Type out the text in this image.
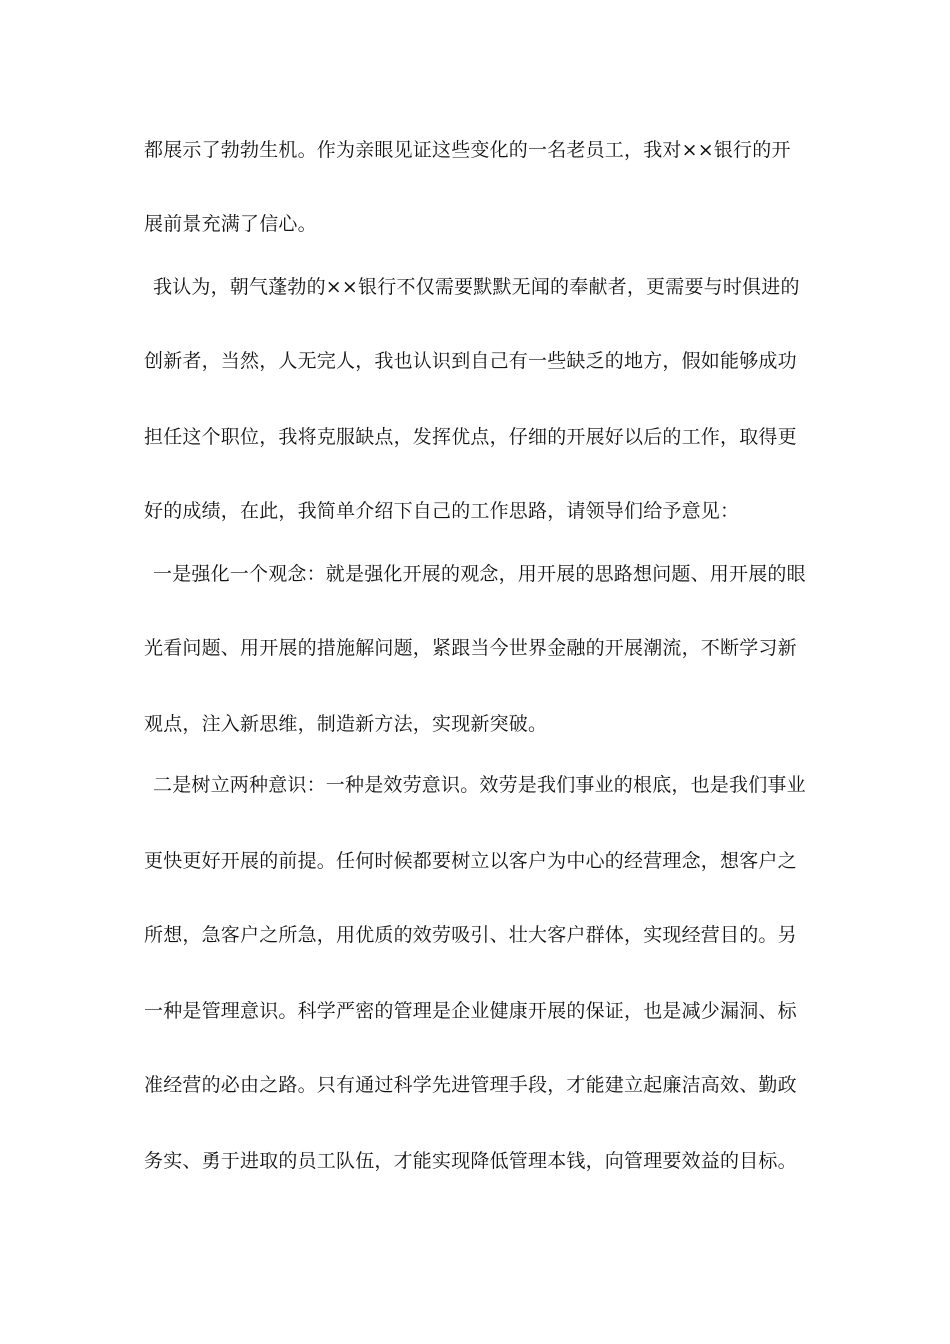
都展示了勃勃生机。作为亲眼见证这些变化的一名老员工，我对××银行的开
展前景充满了信心。
我认为，朝气蓬勃的××银行不仅需要默默无闻的奉献者，更需要与时俱进的
创新者，当然，人无完人，我也认识到自己有一些缺乏的地方，假如能够成功
担任这个职位，我将克服缺点，发挥优点，仔细的开展好以后的工作，取得更
好的成绩，在此，我简单介绍下自己的工作思路，请领导们给予意见：
一是强化一个观念：就是强化开展的观念，用开展的思路想问题、用开展的眼
光看问题、用开展的措施解问题，紧跟当今世界金融的开展潮流，不断学习新
观点，注入新思维，制造新方法，实现新突破。
二是树立两种意识：一种是效劳意识。效劳是我们事业的根底，也是我们事业
更快更好开展的前提。任何时候都要树立以客户为中心的经营理念，想客户之
所想，急客户之所急，用优质的效劳吸引、壮大客户群体，实现经营目的。另
一种是管理意识。科学严密的管理是企业健康开展的保证，也是减少漏洞、标
准经营的必由之路。只有通过科学先进管理手段，才能建立起廉洁高效、勤政
务实、勇于进取的员工队伍，才能实现降低管理本钱，向管理要效益的目标。
